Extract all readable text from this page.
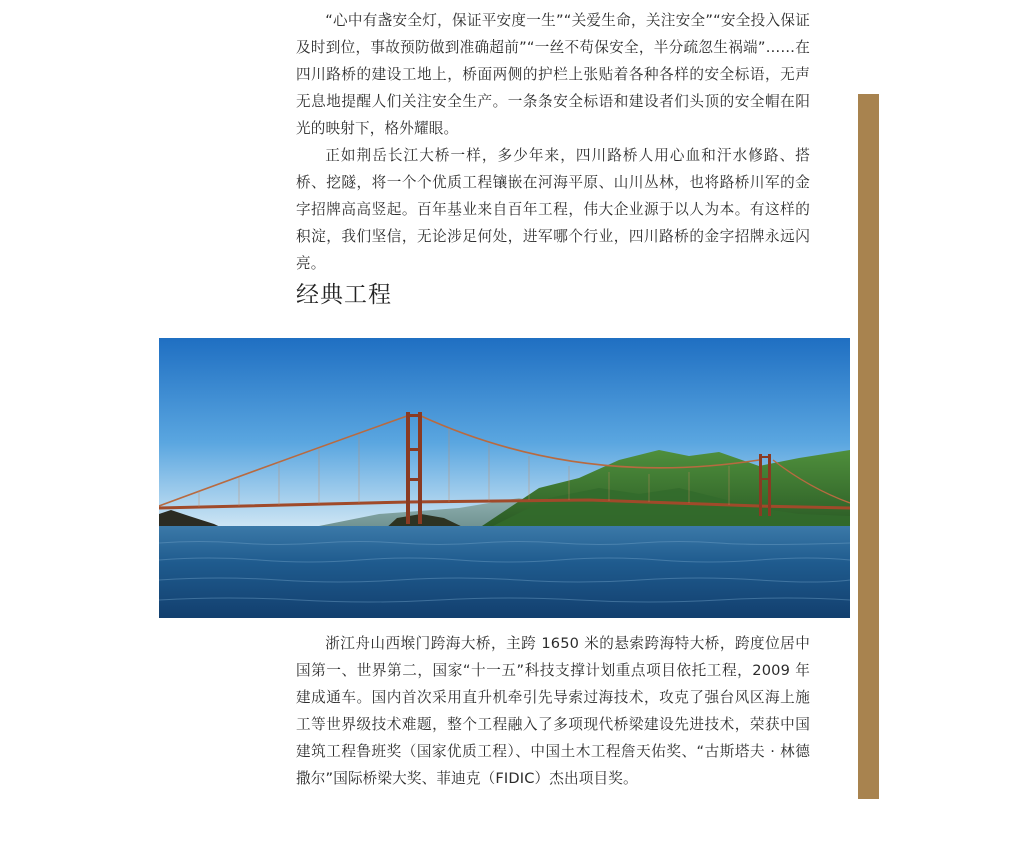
“心中有盏安全灯，保证平安度一生”“关爱生命，关注安全”“安全投入保证及时到位，事故预防做到准确超前”“一丝不苟保安全，半分疏忽生祸端”……在四川路桥的建设工地上，桥面两侧的护栏上张贴着各种各样的安全标语，无声无息地提醒人们关注安全生产。一条条安全标语和建设者们头顶的安全帽在阳光的映射下，格外耀眼。

正如荆岳长江大桥一样，多少年来，四川路桥人用心血和汗水修路、搭桥、挖隧，将一个个优质工程镶嵌在河海平原、山川丛林，也将路桥川军的金字招牌高高竖起。百年基业来自百年工程，伟大企业源于以人为本。有这样的积淀，我们坚信，无论涉足何处，进军哪个行业，四川路桥的金字招牌永远闪亮。

经典工程

浙江舟山西堠门跨海大桥，主跨 1650 米的悬索跨海特大桥，跨度位居中国第一、世界第二，国家“十一五”科技支撑计划重点项目依托工程，2009 年建成通车。国内首次采用直升机牵引先导索过海技术，攻克了强台风区海上施工等世界级技术难题，整个工程融入了多项现代桥梁建设先进技术，荣获中国建筑工程鲁班奖（国家优质工程）、中国土木工程詹天佑奖、“古斯塔夫 · 林德撒尔”国际桥梁大奖、菲迪克（FIDIC）杰出项目奖。
